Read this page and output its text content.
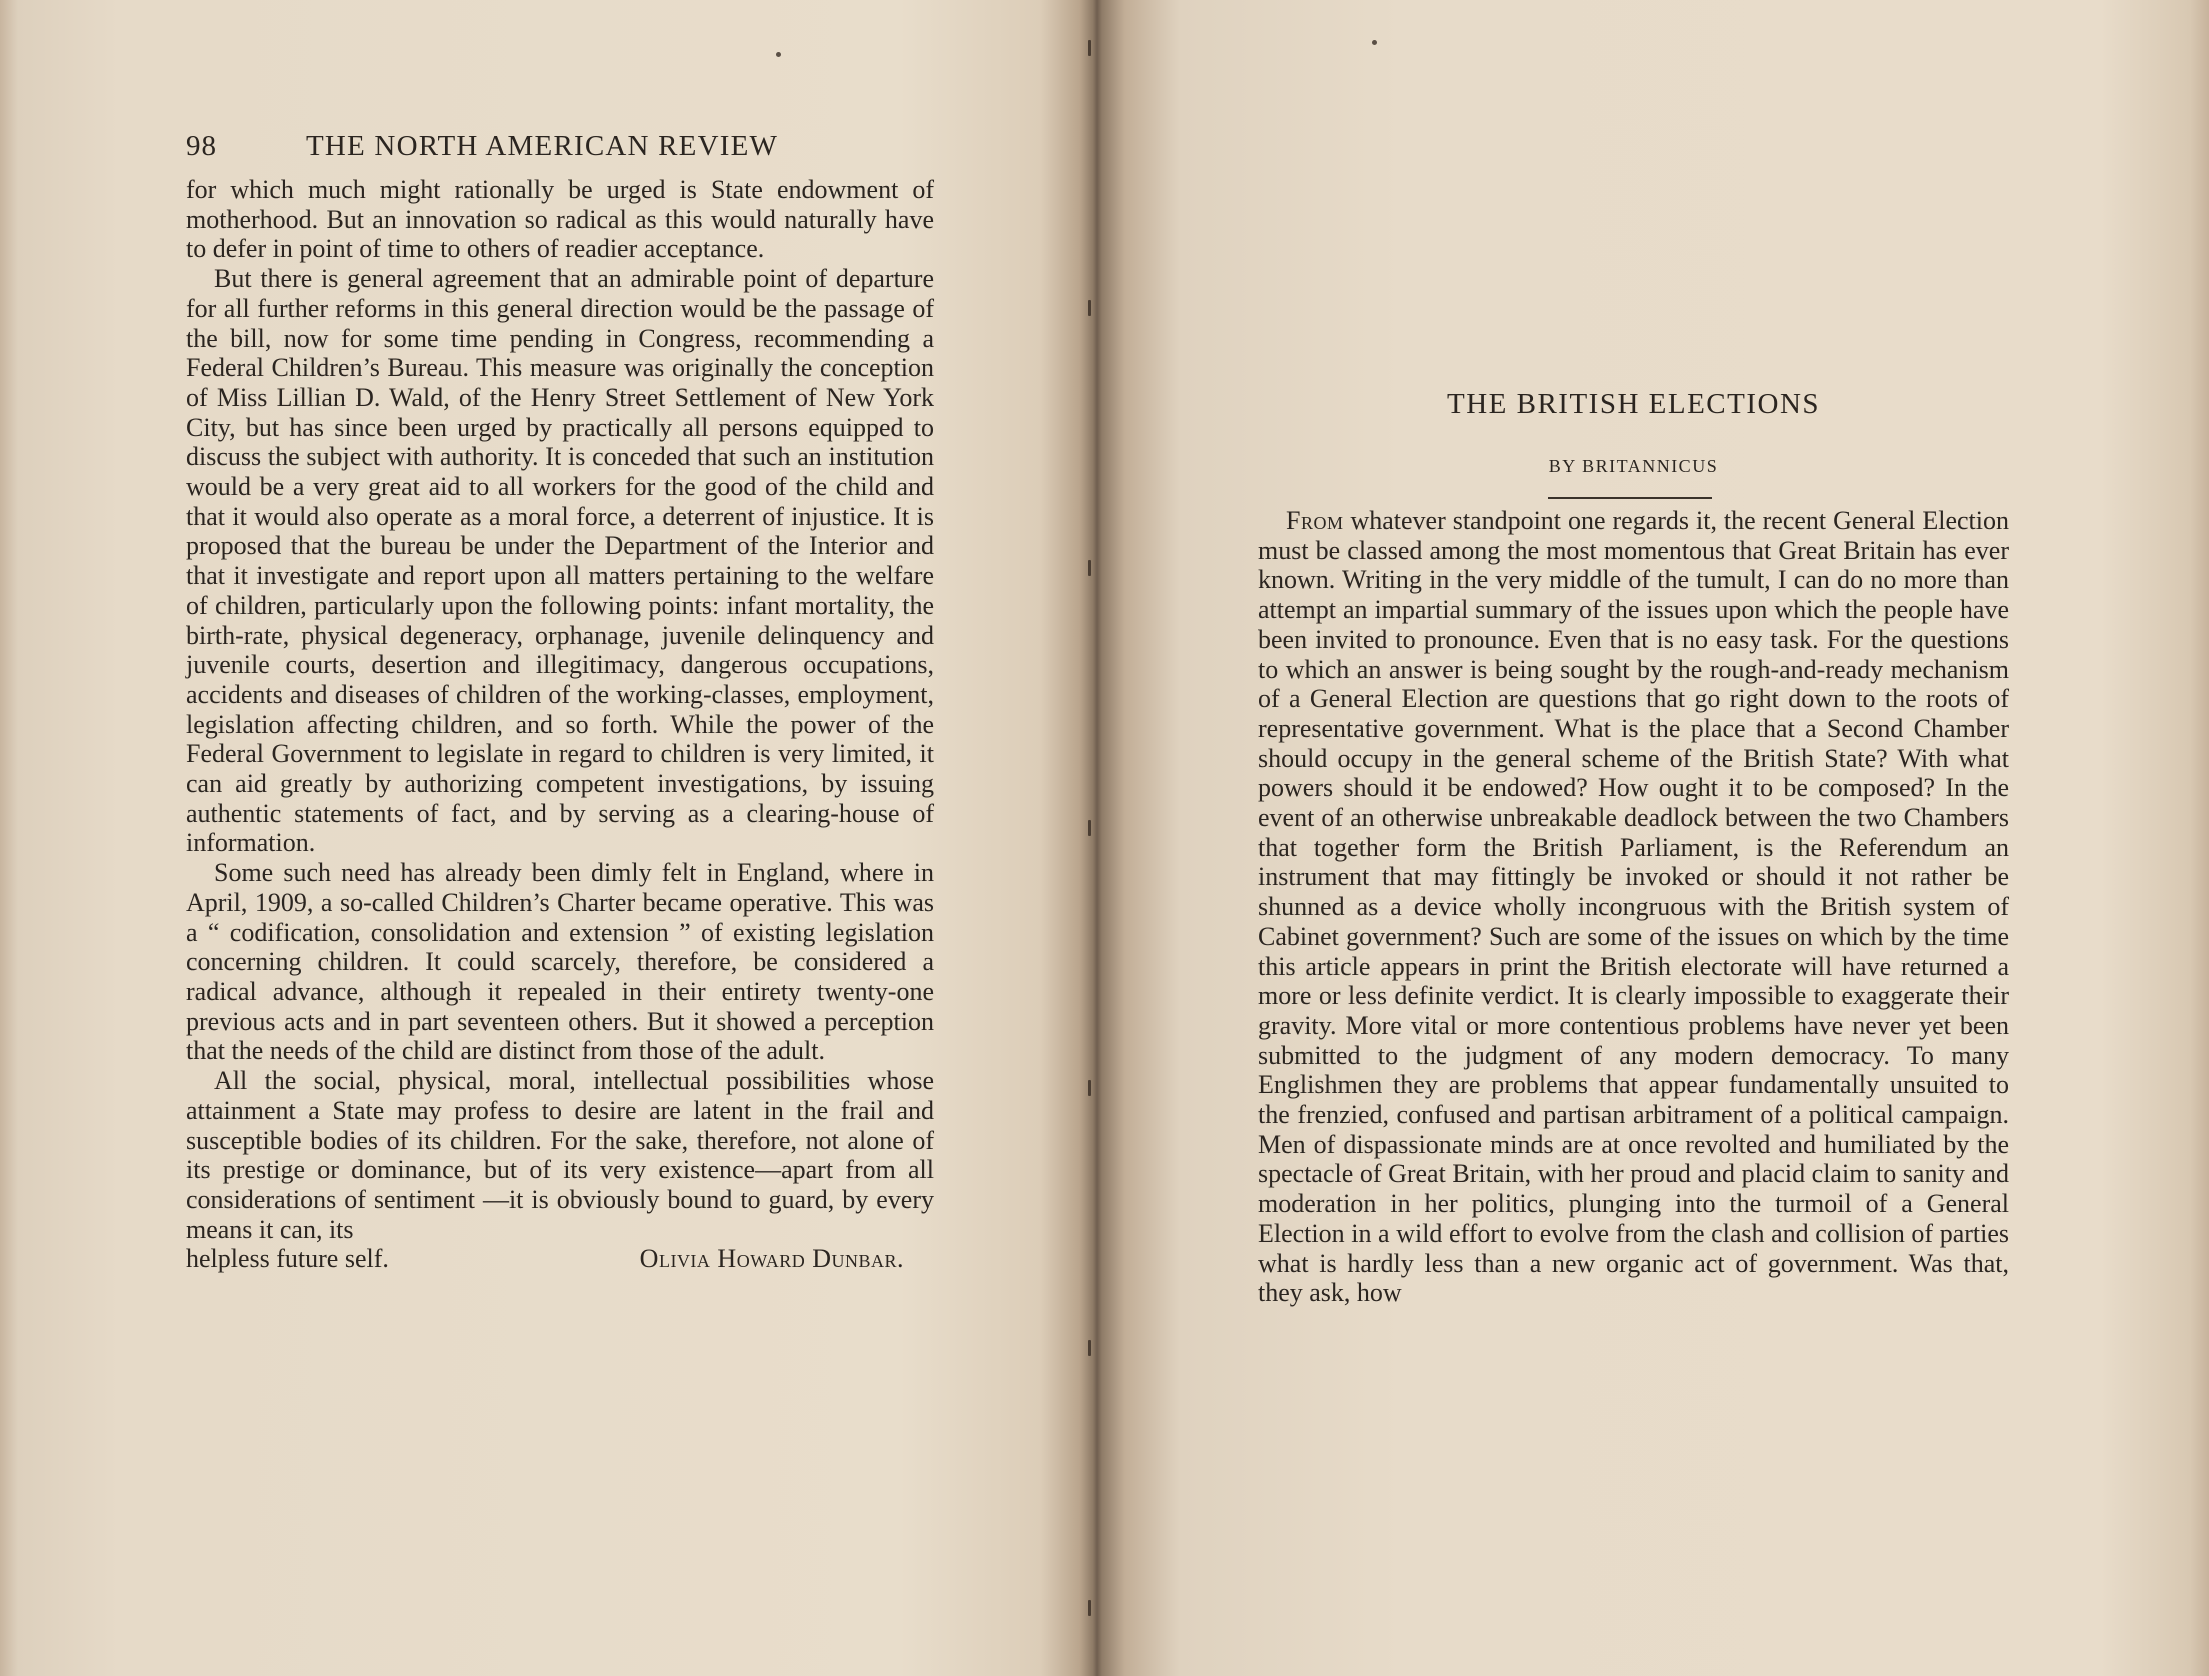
98	THE NORTH AMERICAN REVIEW

for which much might rationally be urged is State endowment of motherhood. But an innovation so radical as this would naturally have to defer in point of time to others of readier acceptance.

But there is general agreement that an admirable point of departure for all further reforms in this general direction would be the passage of the bill, now for some time pending in Congress, recommending a Federal Children’s Bureau. This measure was originally the conception of Miss Lillian D. Wald, of the Henry Street Settlement of New York City, but has since been urged by practically all persons equipped to discuss the subject with authority. It is conceded that such an institution would be a very great aid to all workers for the good of the child and that it would also operate as a moral force, a deterrent of injustice. It is proposed that the bureau be under the Department of the Interior and that it investigate and report upon all matters pertaining to the welfare of children, particularly upon the following points: infant mortality, the birth-rate, physical degeneracy, orphanage, juvenile delinquency and juvenile courts, desertion and illegitimacy, dangerous occupations, accidents and diseases of children of the working-classes, employment, legislation affecting children, and so forth. While the power of the Federal Government to legislate in regard to children is very limited, it can aid greatly by authorizing competent investigations, by issuing authentic statements of fact, and by serving as a clearing-house of information.

Some such need has already been dimly felt in England, where in April, 1909, a so-called Children’s Charter became operative. This was a “ codification, consolidation and extension ” of existing legislation concerning children. It could scarcely, therefore, be considered a radical advance, although it repealed in their entirety twenty-one previous acts and in part seventeen others. But it showed a perception that the needs of the child are distinct from those of the adult.

All the social, physical, moral, intellectual possibilities whose attainment a State may profess to desire are latent in the frail and susceptible bodies of its children. For the sake, therefore, not alone of its prestige or dominance, but of its very existence—apart from all considerations of sentiment —it is obviously bound to guard, by every means it can, its

helpless future self.	Olivia Howard Dunbar.
THE BRITISH ELECTIONS
BY BRITANNICUS

From whatever standpoint one regards it, the recent General Election must be classed among the most momentous that Great Britain has ever known. Writing in the very middle of the tumult, I can do no more than attempt an impartial summary of the issues upon which the people have been invited to pronounce. Even that is no easy task. For the questions to which an answer is being sought by the rough-and-ready mechanism of a General Election are questions that go right down to the roots of representative government. What is the place that a Second Chamber should occupy in the general scheme of the British State? With what powers should it be endowed? How ought it to be composed? In the event of an otherwise unbreakable deadlock between the two Chambers that together form the British Parliament, is the Referendum an instrument that may fittingly be invoked or should it not rather be shunned as a device wholly incongruous with the British system of Cabinet government? Such are some of the issues on which by the time this article appears in print the British electorate will have returned a more or less definite verdict. It is clearly impossible to exaggerate their gravity. More vital or more contentious problems have never yet been submitted to the judgment of any modern democracy. To many Englishmen they are problems that appear fundamentally unsuited to the frenzied, confused and partisan arbitrament of a political campaign. Men of dispassionate minds are at once revolted and humiliated by the spectacle of Great Britain, with her proud and placid claim to sanity and moderation in her politics, plunging into the turmoil of a General Election in a wild effort to evolve from the clash and collision of parties what is hardly less than a new organic act of government. Was that, they ask, how
